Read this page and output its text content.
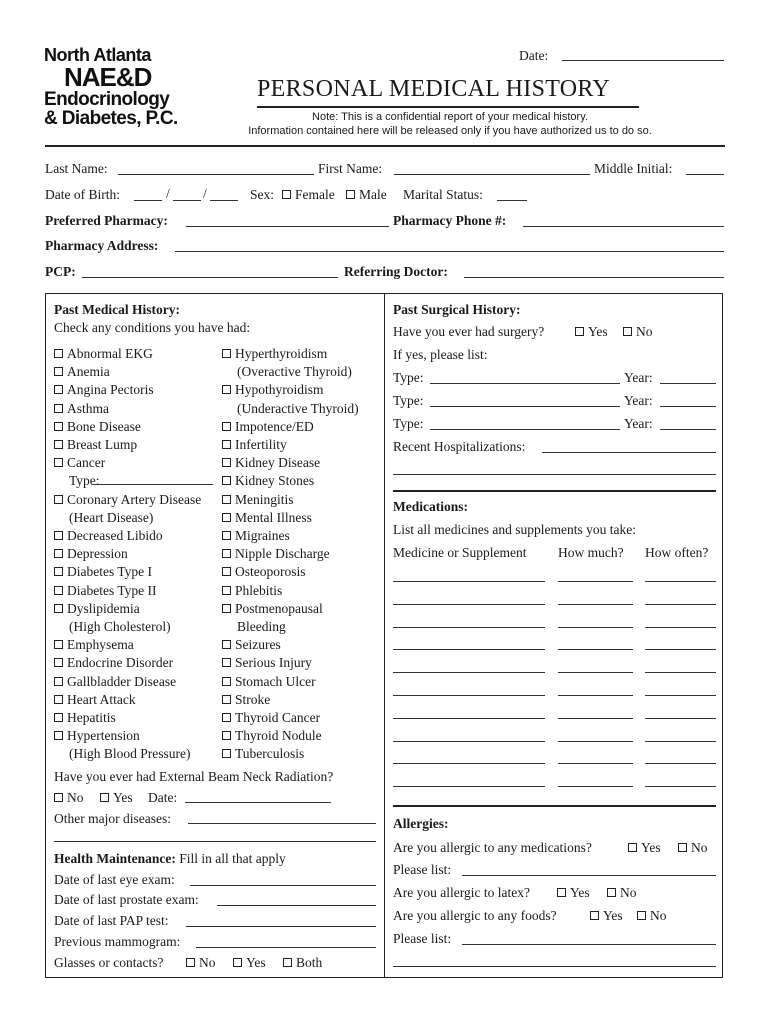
North Atlanta
NAE&D
Endocrinology
& Diabetes, P.C.
Date:
PERSONAL MEDICAL HISTORY
Note: This is a confidential report of your medical history.
Information contained here will be released only if you have authorized us to do so.
Last Name:	First Name:	Middle Initial:
Date of Birth:	/ /	Sex:	Female	Male Marital Status:
Preferred Pharmacy:	Pharmacy Phone #:
Pharmacy Address:
PCP:	Referring Doctor:
Past Medical History:
Check any conditions you have had:
Abnormal EKG
Anemia
Angina Pectoris
Asthma
Bone Disease
Breast Lump
Cancer
Type:
Coronary Artery Disease
(Heart Disease)
Decreased Libido
Depression
Diabetes Type I
Diabetes Type II
Dyslipidemia
(High Cholesterol)
Emphysema
Endocrine Disorder
Gallbladder Disease
Heart Attack
Hepatitis
Hypertension
(High Blood Pressure)
Hyperthyroidism
(Overactive Thyroid)
Hypothyroidism
(Underactive Thyroid)
Impotence/ED
Infertility
Kidney Disease
Kidney Stones
Meningitis
Mental Illness
Migraines
Nipple Discharge
Osteoporosis
Phlebitis
Postmenopausal
Bleeding
Seizures
Serious Injury
Stomach Ulcer
Stroke
Thyroid Cancer
Thyroid Nodule
Tuberculosis
Have you ever had External Beam Neck Radiation?
No	Yes Date:
Other major diseases:
Health Maintenance: Fill in all that apply
Date of last eye exam:
Date of last prostate exam:
Date of last PAP test:
Previous mammogram:
Glasses or contacts?	No	Yes	Both
Past Surgical History:
Have you ever had surgery?	Yes	No
If yes, please list:
Type:	Year:
Type:	Year:
Type:	Year:
Recent Hospitalizations:
Medications:
List all medicines and supplements you take:
Medicine or Supplement How much? How often?
Allergies:
Are you allergic to any medications?	Yes	No
Please list:
Are you allergic to latex?	Yes	No
Are you allergic to any foods?	Yes	No
Please list:
